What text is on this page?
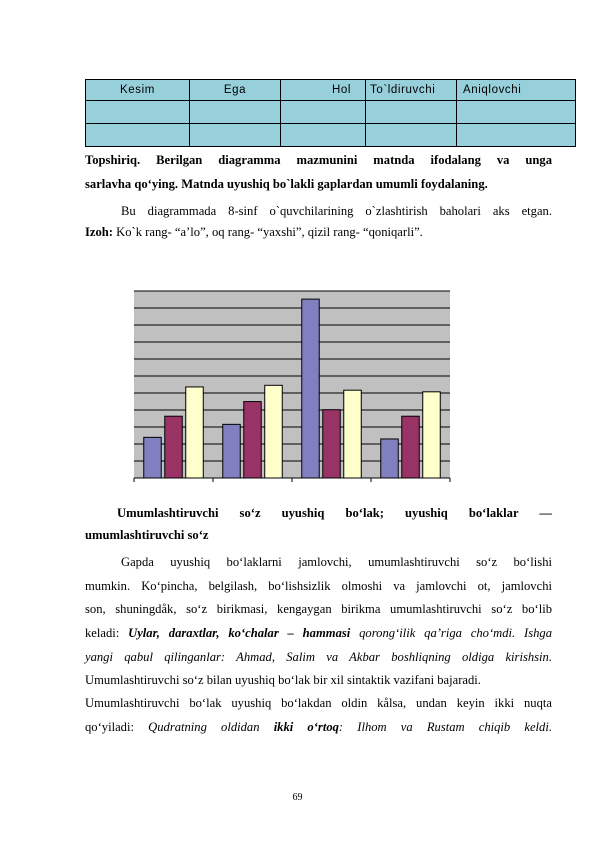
Kesim	Ega	Hol	To`ldiruvchi	Aniqlovchi

Topshiriq. Berilgan diagramma mazmunini matnda ifodalang va unga

sarlavha qo‘ying. Matnda uyushiq bo`lakli gaplardan umumli foydalaning.

Bu diagrammada 8-sinf o`quvchilarining o`zlashtirish baholari aks etgan.

Izoh: Ko`k rang- “a’lo”, oq rang- “yaxshi”, qizil rang- “qoniqarli”.

Umumlashtiruvchi so‘z uyushiq bo‘lak; uyushiq bo‘laklar —

umumlashtiruvchi so‘z

Gapda uyushiq bo‘laklarni jamlovchi, umumlashtiruvchi so‘z bo‘lishi

mumkin. Ko‘pincha, belgilash, bo‘lishsizlik olmoshi va jamlovchi ot, jamlovchi

son, shuningdåk, so‘z birikmasi, kengaygan birikma umumlashtiruvchi so‘z bo‘lib

keladi: Uylar, daraxtlar, ko‘chalar – hammasi qorong‘ilik qa’riga cho‘mdi. Ishga

yangi qabul qilinganlar: Ahmad, Salim va Akbar boshliqning oldiga kirishsin.

Umumlashtiruvchi so‘z bilan uyushiq bo‘lak bir xil sintaktik vazifani bajaradi.

Umumlashtiruvchi bo‘lak uyushiq bo‘lakdan oldin kålsa, undan keyin ikki nuqta

qo‘yiladi: Qudratning oldidan ikki o‘rtoq: Ilhom va Rustam chiqib keldi.

69
